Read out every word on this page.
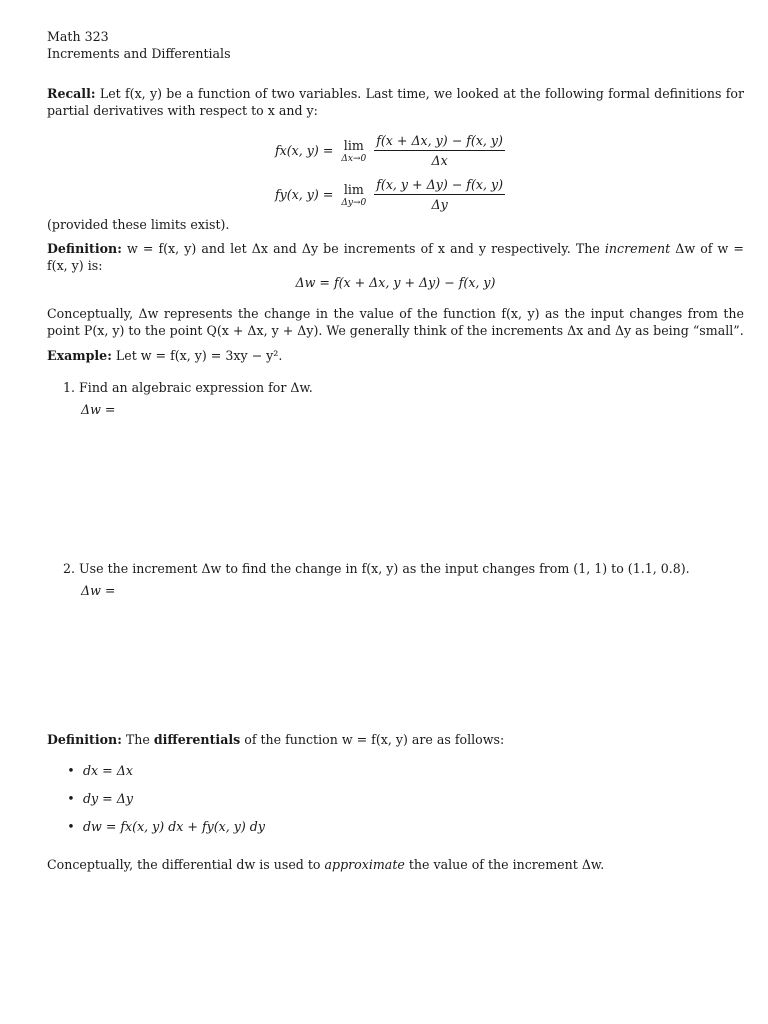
Math 323
Increments and Differentials
Recall: Let f(x, y) be a function of two variables. Last time, we looked at the following formal definitions for partial derivatives with respect to x and y:
fx(x, y) = lim
$\Delta x\to 0 \frac{f(x + \Delta x, y) - f(x, y)}{\Delta x}$
fy(x, y) = lim
$\Delta y\to 0 \frac{f(x, y + \Delta y) - f(x, y)}{\Delta y}$
(provided these limits exist).
Definition: w = f(x, y) and let Δx and Δy be increments of x and y respectively. The increment Δw of w = f(x, y) is:
Δw = f(x + Δx, y + Δy) − f(x, y)
Conceptually, Δw represents the change in the value of the function f(x, y) as the input changes from the point P(x, y) to the point Q(x + Δx, y + Δy). We generally think of the increments Δx and Δy as being “small”.
Example: Let w = f(x, y) = 3xy − y².
1. Find an algebraic expression for Δw.
Δw =
2. Use the increment Δw to find the change in f(x, y) as the input changes from (1, 1) to (1.1, 0.8).
Δw =
Definition: The differentials of the function w = f(x, y) are as follows:
• dx = Δx
• dy = Δy
• dw = fx(x, y) dx + fy(x, y) dy
Conceptually, the differential dw is used to approximate the value of the increment Δw.
